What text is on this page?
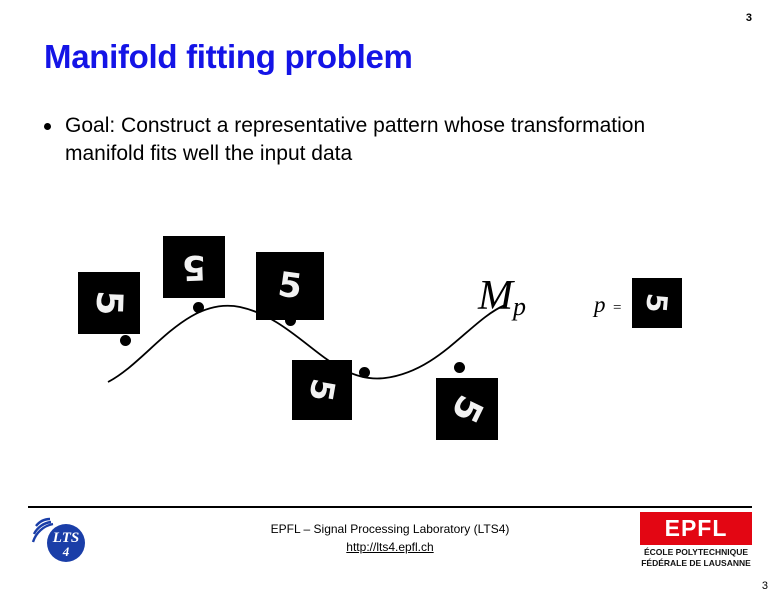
3
Manifold fitting problem
Goal: Construct a representative pattern whose transformation manifold fits well the input data
Mp	p =
5
5	5
5	5
5
EPFL – Signal Processing Laboratory (LTS4)
http://lts4.epfl.ch
LTS
4
EPFL
ÉCOLE POLYTECHNIQUE
FÉDÉRALE DE LAUSANNE
3
